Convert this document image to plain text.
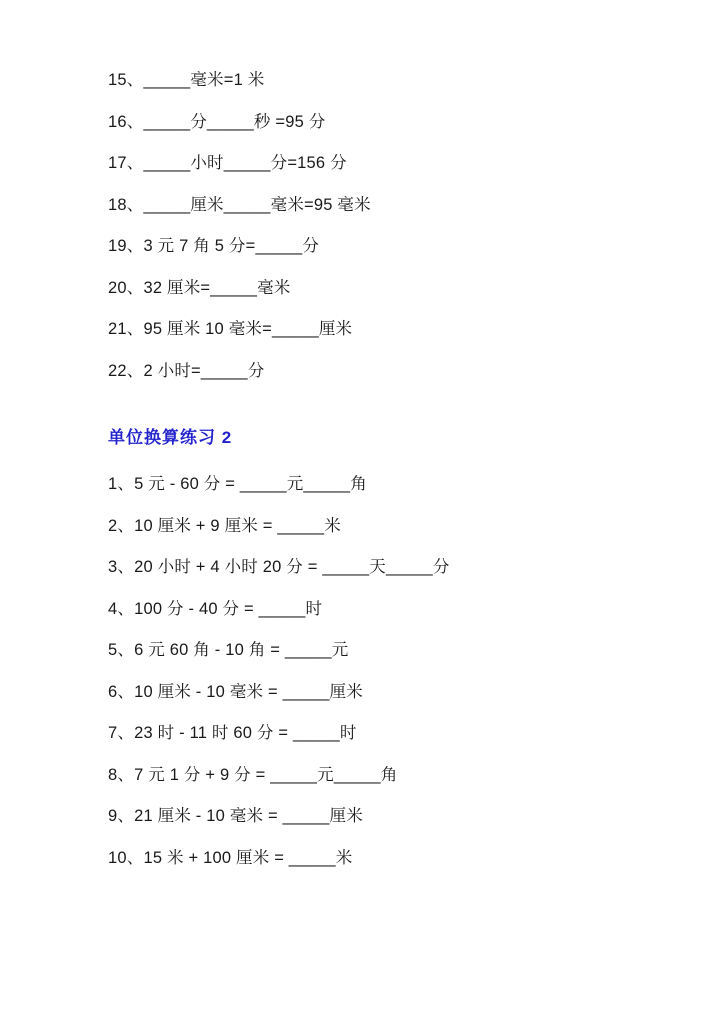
15、_____毫米=1 米
16、_____分_____秒 =95 分
17、_____小时_____分=156 分
18、_____厘米_____毫米=95 毫米
19、3 元 7 角 5 分=_____分
20、32 厘米=_____毫米
21、95 厘米 10 毫米=_____厘米
22、2 小时=_____分
单位换算练习 2
1、5 元 - 60 分 = _____元_____角
2、10 厘米 + 9 厘米 = _____米
3、20 小时 + 4 小时 20 分 = _____天_____分
4、100 分 - 40 分 = _____时
5、6 元 60 角 - 10 角 = _____元
6、10 厘米 - 10 毫米 = _____厘米
7、23 时 - 11 时 60 分 = _____时
8、7 元 1 分 + 9 分 = _____元_____角
9、21 厘米 - 10 毫米 = _____厘米
10、15 米 + 100 厘米 = _____米
